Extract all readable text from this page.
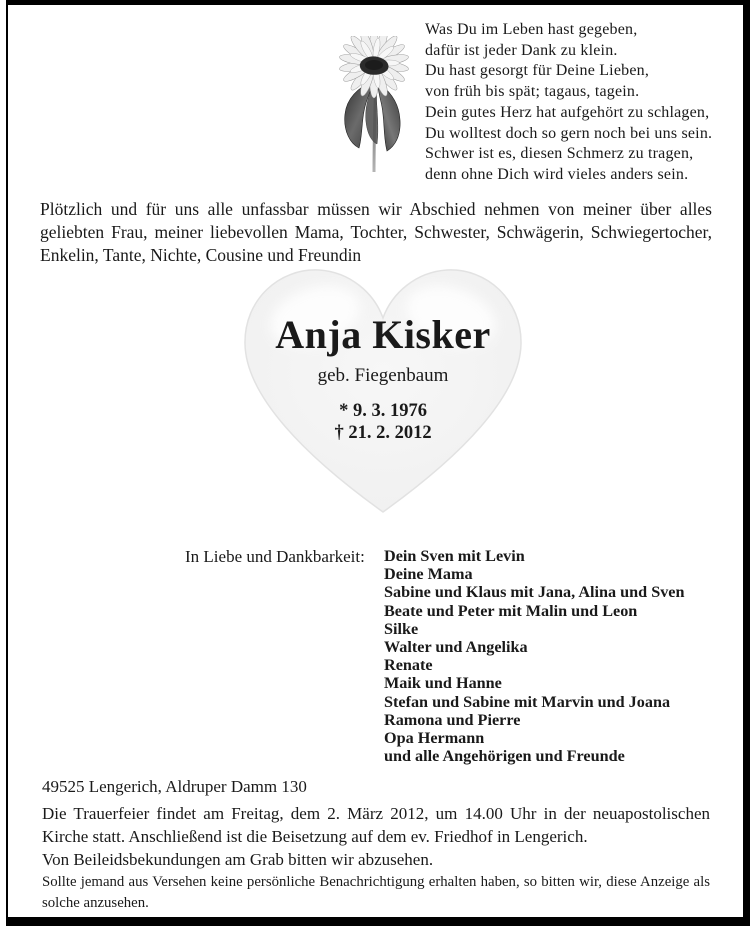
Was Du im Leben hast gegeben,
dafür ist jeder Dank zu klein.
Du hast gesorgt für Deine Lieben,
von früh bis spät; tagaus, tagein.
Dein gutes Herz hat aufgehört zu schlagen,
Du wolltest doch so gern noch bei uns sein.
Schwer ist es, diesen Schmerz zu tragen,
denn ohne Dich wird vieles anders sein.

Plötzlich und für uns alle unfassbar müssen wir Abschied nehmen von meiner über alles geliebten Frau, meiner liebevollen Mama, Tochter, Schwester, Schwägerin, Schwiegertocher, Enkelin, Tante, Nichte, Cousine und Freundin

Anja Kisker
geb. Fiegenbaum
* 9. 3. 1976
† 21. 2. 2012
In Liebe und Dankbarkeit: Dein Sven mit Levin
Deine Mama
Sabine und Klaus mit Jana, Alina und Sven
Beate und Peter mit Malin und Leon
Silke
Walter und Angelika
Renate
Maik und Hanne
Stefan und Sabine mit Marvin und Joana
Ramona und Pierre
Opa Hermann
und alle Angehörigen und Freunde
49525 Lengerich, Aldruper Damm 130

Die Trauerfeier findet am Freitag, dem 2. März 2012, um 14.00 Uhr in der neuapostolischen Kirche statt. Anschließend ist die Beisetzung auf dem ev. Friedhof in Lengerich.

Von Beileidsbekundungen am Grab bitten wir abzusehen.

Sollte jemand aus Versehen keine persönliche Benachrichtigung erhalten haben, so bitten wir, diese Anzeige als solche anzusehen.
